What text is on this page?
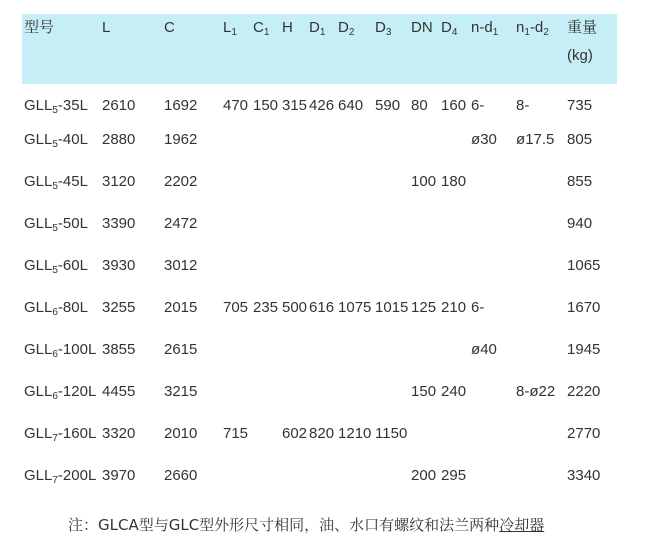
型号	L	C	$L_1$	$C_1$	H	$D_1$	$D_2$	$D_3$	DN	$D_4$	$n-d_1$	$n_1-d_2$	重量
(kg)
$GLL_5-35L$	2610	1692	470	150	315	426	640	590	80	160	6-	8-	735
$GLL_5-40L$	2880	1962									ø30	ø17.5	805
$GLL_5-45L$	3120	2202							100	180			855
$GLL_5-50L$	3390	2472											940
$GLL_5-60L$	3930	3012											1065
$GLL_6-80L$	3255	2015	705	235	500	616	1075	1015	125	210	6-		1670
$GLL_6-100L$	3855	2615									ø40		1945
$GLL_6-120L$	4455	3215							150	240		8-ø22	2220
$GLL_7-160L$	3320	2010	715		602	820	1210	1150					2770
$GLL_7-200L$	3970	2660							200	295			3340
注：GLCA型与GLC型外形尺寸相同，油、水口有螺纹和法兰两种冷却器
